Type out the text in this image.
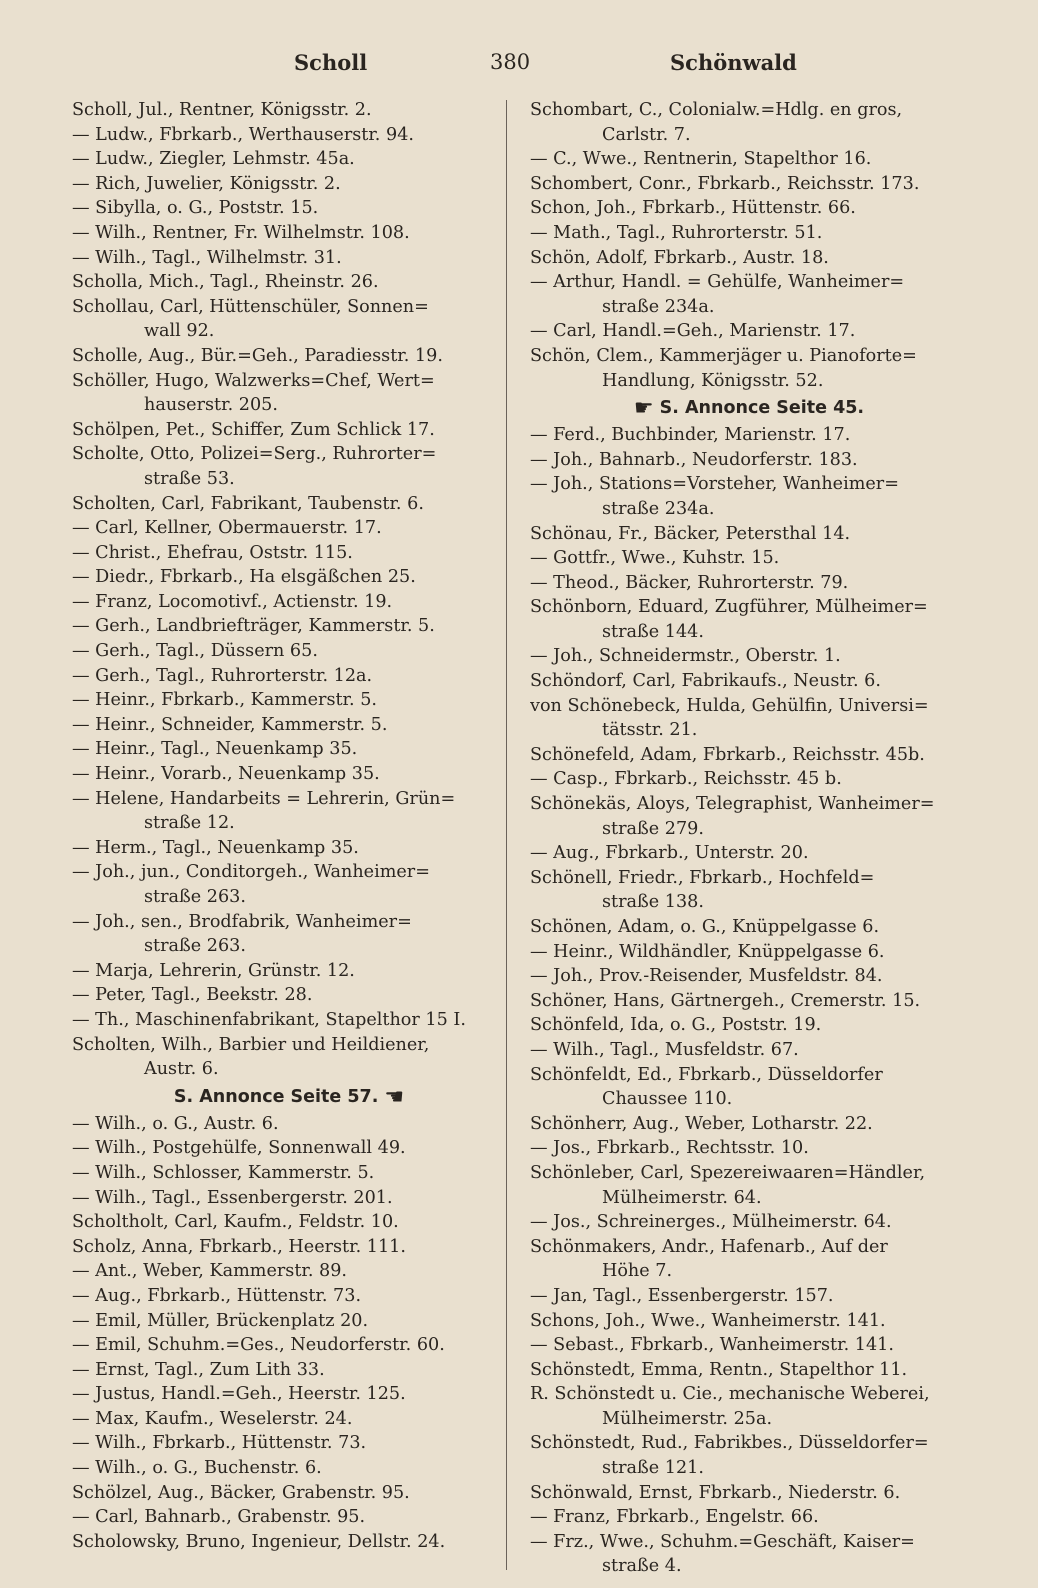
Scholl	380	Schönwald
Scholl, Jul., Rentner, Königsstr. 2.
— Ludw., Fbrkarb., Werthauserstr. 94.
— Ludw., Ziegler, Lehmstr. 45a.
— Rich, Juwelier, Königsstr. 2.
— Sibylla, o. G., Poststr. 15.
— Wilh., Rentner, Fr. Wilhelmstr. 108.
— Wilh., Tagl., Wilhelmstr. 31.
Scholla, Mich., Tagl., Rheinstr. 26.
Schollau, Carl, Hüttenschüler, Sonnen=
wall 92.
Scholle, Aug., Bür.=Geh., Paradiesstr. 19.
Schöller, Hugo, Walzwerks=Chef, Wert=
hauserstr. 205.
Schölpen, Pet., Schiffer, Zum Schlick 17.
Scholte, Otto, Polizei=Serg., Ruhrorter=
straße 53.
Scholten, Carl, Fabrikant, Taubenstr. 6.
— Carl, Kellner, Obermauerstr. 17.
— Christ., Ehefrau, Oststr. 115.
— Diedr., Fbrkarb., Ha elsgäßchen 25.
— Franz, Locomotivf., Actienstr. 19.
— Gerh., Landbriefträger, Kammerstr. 5.
— Gerh., Tagl., Düssern 65.
— Gerh., Tagl., Ruhrorterstr. 12a.
— Heinr., Fbrkarb., Kammerstr. 5.
— Heinr., Schneider, Kammerstr. 5.
— Heinr., Tagl., Neuenkamp 35.
— Heinr., Vorarb., Neuenkamp 35.
— Helene, Handarbeits = Lehrerin, Grün=
straße 12.
— Herm., Tagl., Neuenkamp 35.
— Joh., jun., Conditorgeh., Wanheimer=
straße 263.
— Joh., sen., Brodfabrik, Wanheimer=
straße 263.
— Marja, Lehrerin, Grünstr. 12.
— Peter, Tagl., Beekstr. 28.
— Th., Maschinenfabrikant, Stapelthor 15 I.
Scholten, Wilh., Barbier und Heildiener,
Austr. 6.
S. Annonce Seite 57. ☚
— Wilh., o. G., Austr. 6.
— Wilh., Postgehülfe, Sonnenwall 49.
— Wilh., Schlosser, Kammerstr. 5.
— Wilh., Tagl., Essenbergerstr. 201.
Scholtholt, Carl, Kaufm., Feldstr. 10.
Scholz, Anna, Fbrkarb., Heerstr. 111.
— Ant., Weber, Kammerstr. 89.
— Aug., Fbrkarb., Hüttenstr. 73.
— Emil, Müller, Brückenplatz 20.
— Emil, Schuhm.=Ges., Neudorferstr. 60.
— Ernst, Tagl., Zum Lith 33.
— Justus, Handl.=Geh., Heerstr. 125.
— Max, Kaufm., Weselerstr. 24.
— Wilh., Fbrkarb., Hüttenstr. 73.
— Wilh., o. G., Buchenstr. 6.
Schölzel, Aug., Bäcker, Grabenstr. 95.
— Carl, Bahnarb., Grabenstr. 95.
Scholowsky, Bruno, Ingenieur, Dellstr. 24.
Schombart, C., Colonialw.=Hdlg. en gros,
Carlstr. 7.
— C., Wwe., Rentnerin, Stapelthor 16.
Schombert, Conr., Fbrkarb., Reichsstr. 173.
Schon, Joh., Fbrkarb., Hüttenstr. 66.
— Math., Tagl., Ruhrorterstr. 51.
Schön, Adolf, Fbrkarb., Austr. 18.
— Arthur, Handl. = Gehülfe, Wanheimer=
straße 234a.
— Carl, Handl.=Geh., Marienstr. 17.
Schön, Clem., Kammerjäger u. Pianoforte=
Handlung, Königsstr. 52.
☛ S. Annonce Seite 45.
— Ferd., Buchbinder, Marienstr. 17.
— Joh., Bahnarb., Neudorferstr. 183.
— Joh., Stations=Vorsteher, Wanheimer=
straße 234a.
Schönau, Fr., Bäcker, Petersthal 14.
— Gottfr., Wwe., Kuhstr. 15.
— Theod., Bäcker, Ruhrorterstr. 79.
Schönborn, Eduard, Zugführer, Mülheimer=
straße 144.
— Joh., Schneidermstr., Oberstr. 1.
Schöndorf, Carl, Fabrikaufs., Neustr. 6.
von Schönebeck, Hulda, Gehülfin, Universi=
tätsstr. 21.
Schönefeld, Adam, Fbrkarb., Reichsstr. 45b.
— Casp., Fbrkarb., Reichsstr. 45 b.
Schönekäs, Aloys, Telegraphist, Wanheimer=
straße 279.
— Aug., Fbrkarb., Unterstr. 20.
Schönell, Friedr., Fbrkarb., Hochfeld=
straße 138.
Schönen, Adam, o. G., Knüppelgasse 6.
— Heinr., Wildhändler, Knüppelgasse 6.
— Joh., Prov.-Reisender, Musfeldstr. 84.
Schöner, Hans, Gärtnergeh., Cremerstr. 15.
Schönfeld, Ida, o. G., Poststr. 19.
— Wilh., Tagl., Musfeldstr. 67.
Schönfeldt, Ed., Fbrkarb., Düsseldorfer
Chaussee 110.
Schönherr, Aug., Weber, Lotharstr. 22.
— Jos., Fbrkarb., Rechtsstr. 10.
Schönleber, Carl, Spezereiwaaren=Händler,
Mülheimerstr. 64.
— Jos., Schreinerges., Mülheimerstr. 64.
Schönmakers, Andr., Hafenarb., Auf der
Höhe 7.
— Jan, Tagl., Essenbergerstr. 157.
Schons, Joh., Wwe., Wanheimerstr. 141.
— Sebast., Fbrkarb., Wanheimerstr. 141.
Schönstedt, Emma, Rentn., Stapelthor 11.
R. Schönstedt u. Cie., mechanische Weberei,
Mülheimerstr. 25a.
Schönstedt, Rud., Fabrikbes., Düsseldorfer=
straße 121.
Schönwald, Ernst, Fbrkarb., Niederstr. 6.
— Franz, Fbrkarb., Engelstr. 66.
— Frz., Wwe., Schuhm.=Geschäft, Kaiser=
straße 4.
